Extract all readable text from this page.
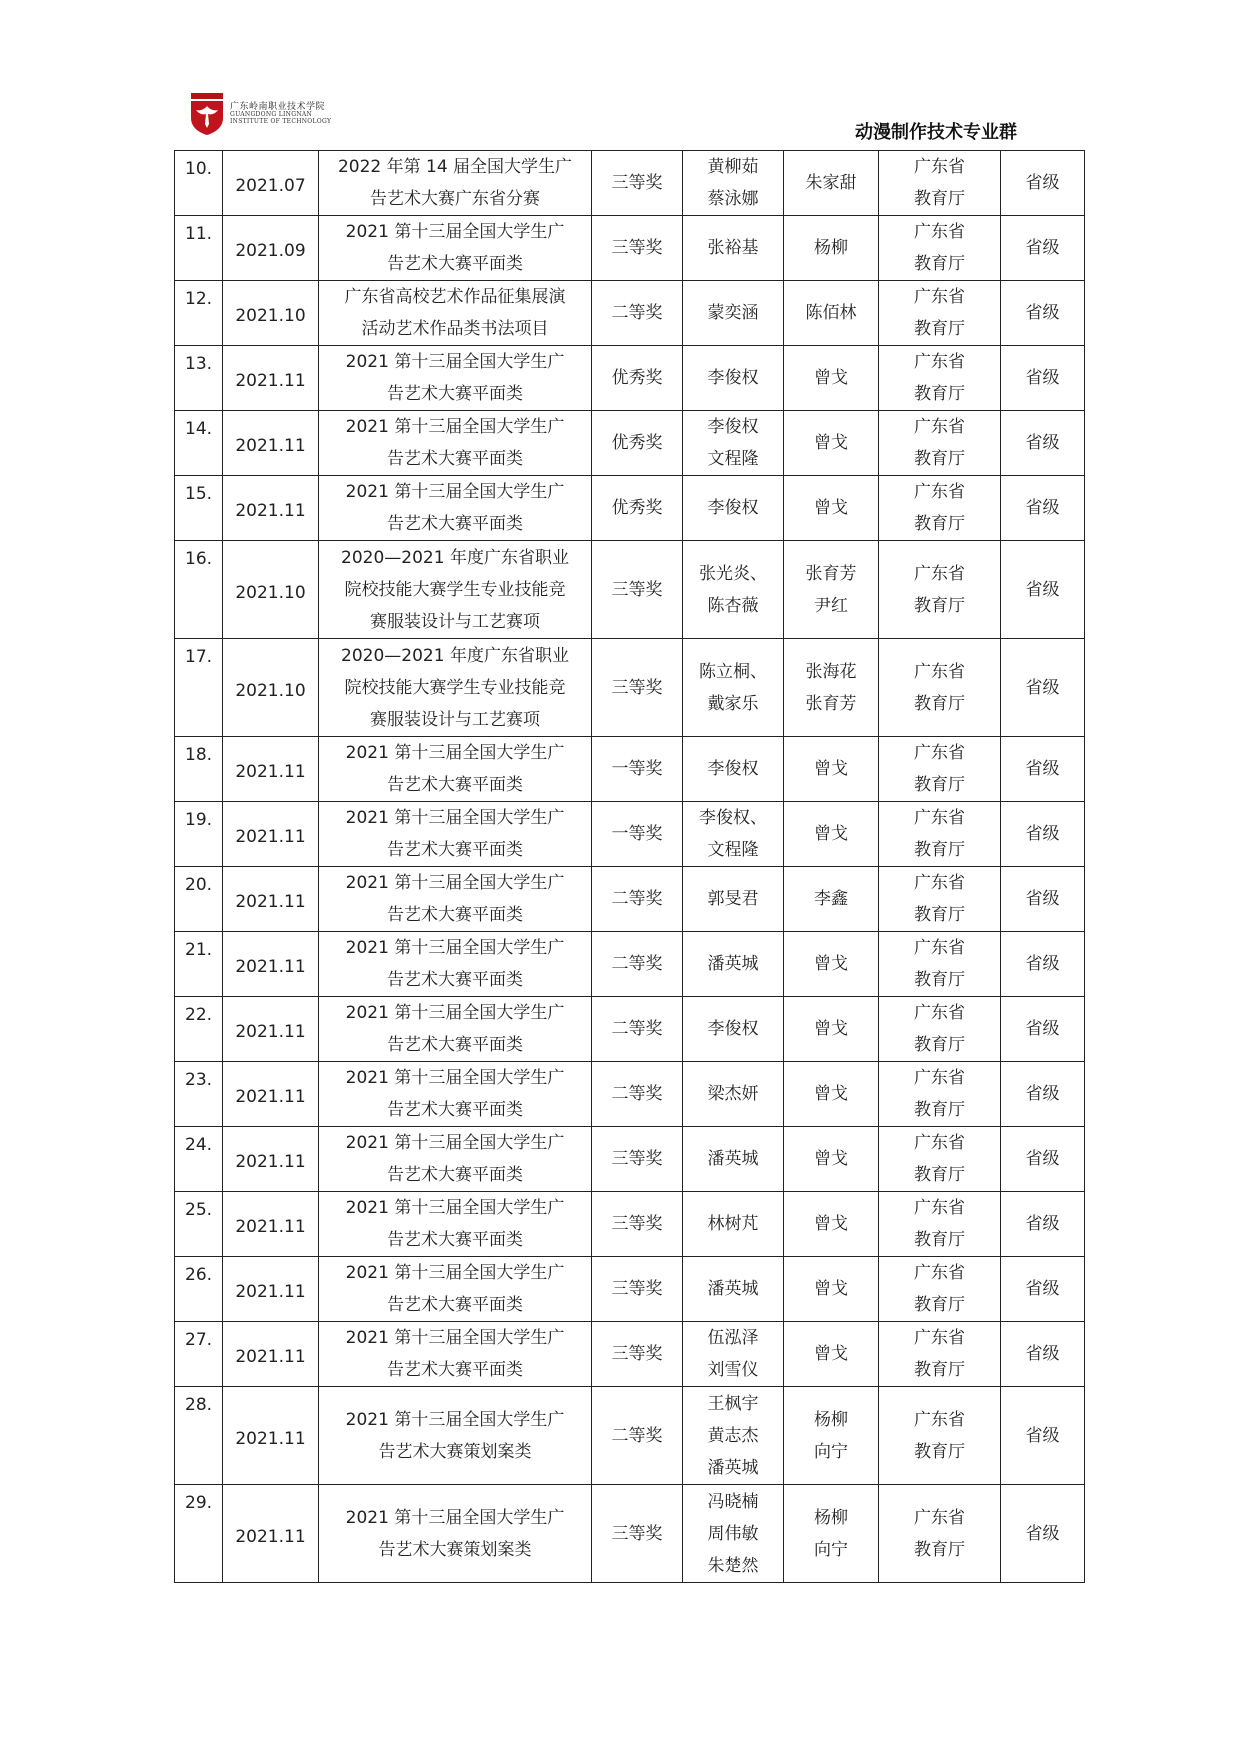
广东岭南职业技术学院
GUANGDONG LINGNAN
INSTITUTE OF TECHNOLOGY
动漫制作技术专业群
10.	2021.07	2022 年第 14 届全国大学生广
告艺术大赛广东省分赛	三等奖	黄柳茹
蔡泳娜	朱家甜	广东省
教育厅	省级

11.	2021.09	2021 第十三届全国大学生广
告艺术大赛平面类	三等奖	张裕基	杨柳	广东省
教育厅	省级

12.	2021.10	广东省高校艺术作品征集展演
活动艺术作品类书法项目	二等奖	蒙奕涵	陈佰林	广东省
教育厅	省级

13.	2021.11	2021 第十三届全国大学生广
告艺术大赛平面类	优秀奖	李俊权	曾戈	广东省
教育厅	省级

14.	2021.11	2021 第十三届全国大学生广
告艺术大赛平面类	优秀奖	李俊权
文程隆	曾戈	广东省
教育厅	省级

15.	2021.11	2021 第十三届全国大学生广
告艺术大赛平面类	优秀奖	李俊权	曾戈	广东省
教育厅	省级

16.	2021.10	2020—2021 年度广东省职业
院校技能大赛学生专业技能竞
赛服装设计与工艺赛项	三等奖	张光炎、
陈杏薇	张育芳
尹红	广东省
教育厅	省级

17.	2021.10	2020—2021 年度广东省职业
院校技能大赛学生专业技能竞
赛服装设计与工艺赛项	三等奖	陈立桐、
戴家乐	张海花
张育芳	广东省
教育厅	省级

18.	2021.11	2021 第十三届全国大学生广
告艺术大赛平面类	一等奖	李俊权	曾戈	广东省
教育厅	省级

19.	2021.11	2021 第十三届全国大学生广
告艺术大赛平面类	一等奖	李俊权、
文程隆	曾戈	广东省
教育厅	省级

20.	2021.11	2021 第十三届全国大学生广
告艺术大赛平面类	二等奖	郭旻君	李鑫	广东省
教育厅	省级

21.	2021.11	2021 第十三届全国大学生广
告艺术大赛平面类	二等奖	潘英城	曾戈	广东省
教育厅	省级

22.	2021.11	2021 第十三届全国大学生广
告艺术大赛平面类	二等奖	李俊权	曾戈	广东省
教育厅	省级

23.	2021.11	2021 第十三届全国大学生广
告艺术大赛平面类	二等奖	梁杰妍	曾戈	广东省
教育厅	省级

24.	2021.11	2021 第十三届全国大学生广
告艺术大赛平面类	三等奖	潘英城	曾戈	广东省
教育厅	省级

25.	2021.11	2021 第十三届全国大学生广
告艺术大赛平面类	三等奖	林树芃	曾戈	广东省
教育厅	省级

26.	2021.11	2021 第十三届全国大学生广
告艺术大赛平面类	三等奖	潘英城	曾戈	广东省
教育厅	省级

27.	2021.11	2021 第十三届全国大学生广
告艺术大赛平面类	三等奖	伍泓泽
刘雪仪	曾戈	广东省
教育厅	省级

28.	2021.11	2021 第十三届全国大学生广
告艺术大赛策划案类	二等奖	王枫宇
黄志杰
潘英城	杨柳
向宁	广东省
教育厅	省级

29.	2021.11	2021 第十三届全国大学生广
告艺术大赛策划案类	三等奖	冯晓楠
周伟敏
朱楚然	杨柳
向宁	广东省
教育厅	省级
